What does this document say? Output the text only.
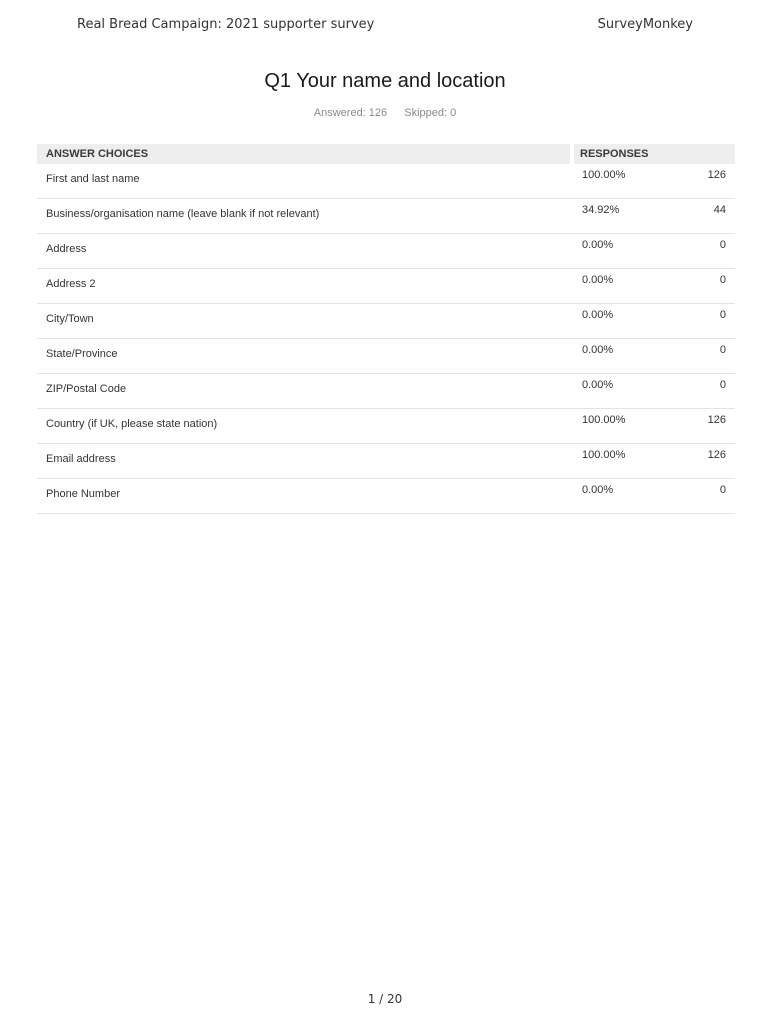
Real Bread Campaign: 2021 supporter survey	SurveyMonkey
Q1 Your name and location
Answered: 126 Skipped: 0
ANSWER CHOICES	RESPONSES	
First and last name	100.00%	126
Business/organisation name (leave blank if not relevant)	34.92%	44
Address	0.00%	0
Address 2	0.00%	0
City/Town	0.00%	0
State/Province	0.00%	0
ZIP/Postal Code	0.00%	0
Country (if UK, please state nation)	100.00%	126
Email address	100.00%	126
Phone Number	0.00%	0
1 / 20
